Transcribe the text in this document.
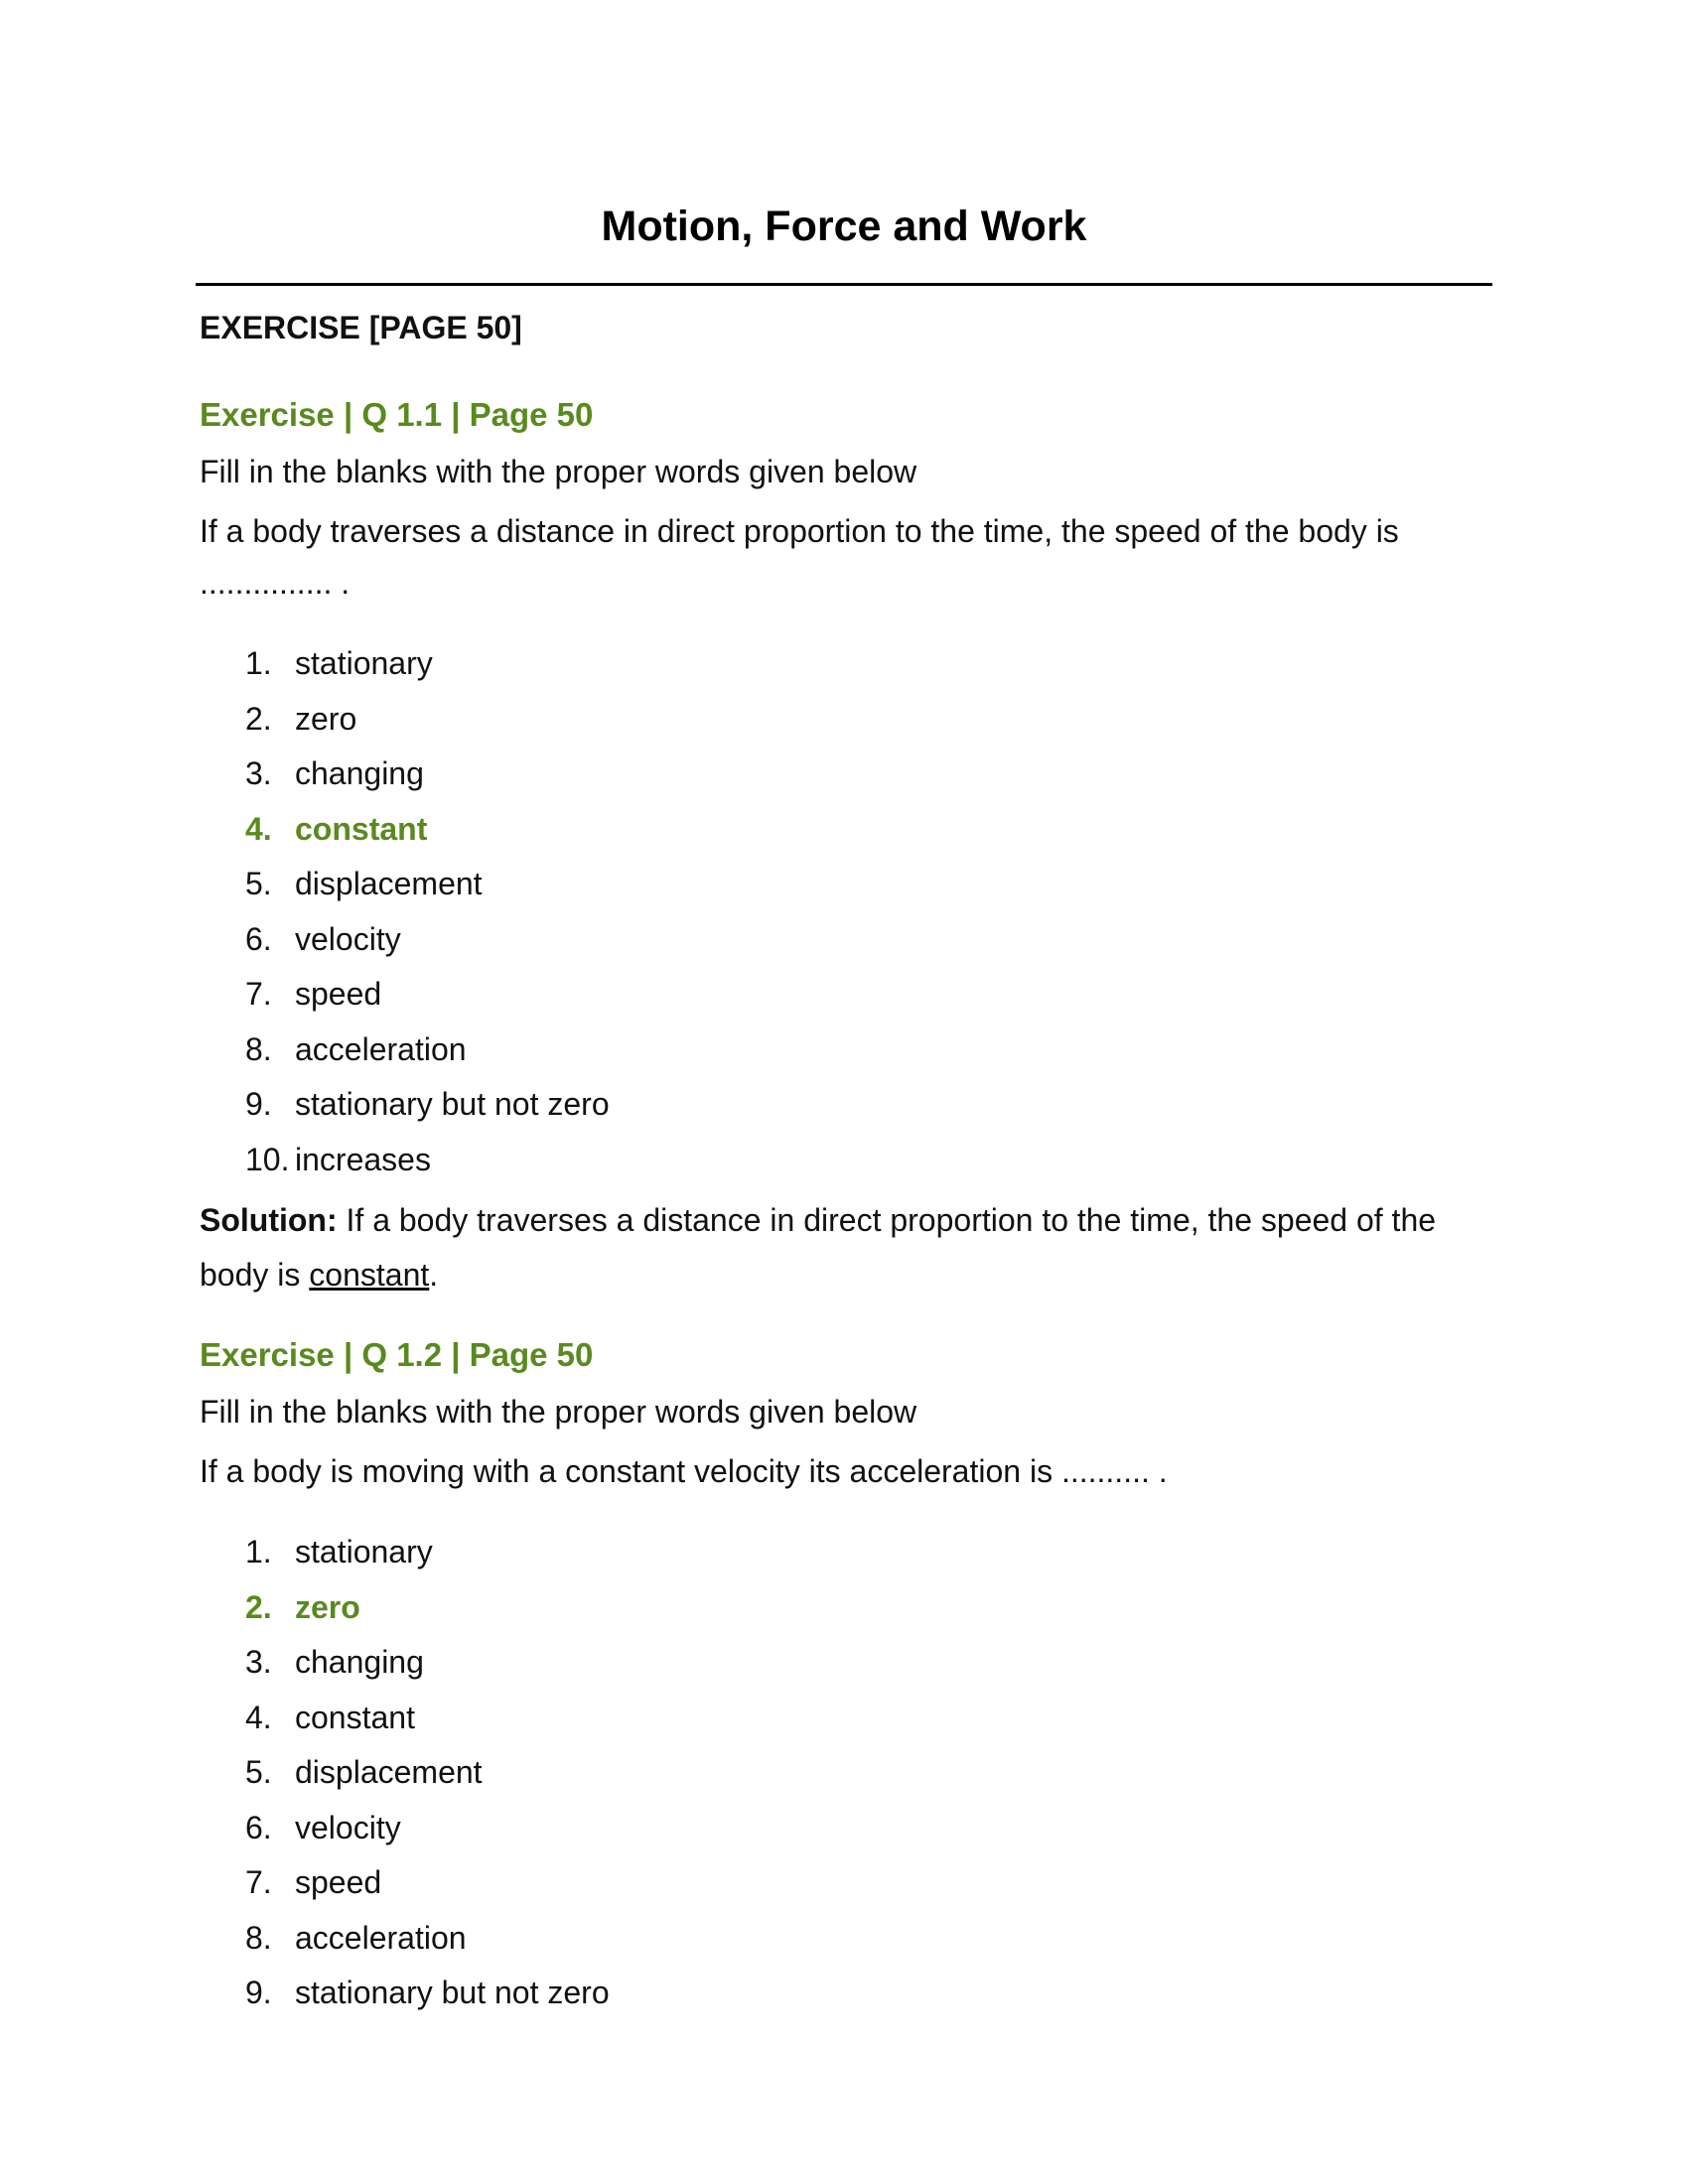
Motion, Force and Work
EXERCISE [PAGE 50]
Exercise | Q 1.1 | Page 50

Fill in the blanks with the proper words given below

If a body traverses a distance in direct proportion to the time, the speed of the body is ............... .

1. stationary
2. zero
3. changing
4. constant
5. displacement
6. velocity
7. speed
8. acceleration
9. stationary but not zero
10. increases

Solution: If a body traverses a distance in direct proportion to the time, the speed of the body is constant.

Exercise | Q 1.2 | Page 50

Fill in the blanks with the proper words given below

If a body is moving with a constant velocity its acceleration is .......... .

1. stationary
2. zero
3. changing
4. constant
5. displacement
6. velocity
7. speed
8. acceleration
9. stationary but not zero
